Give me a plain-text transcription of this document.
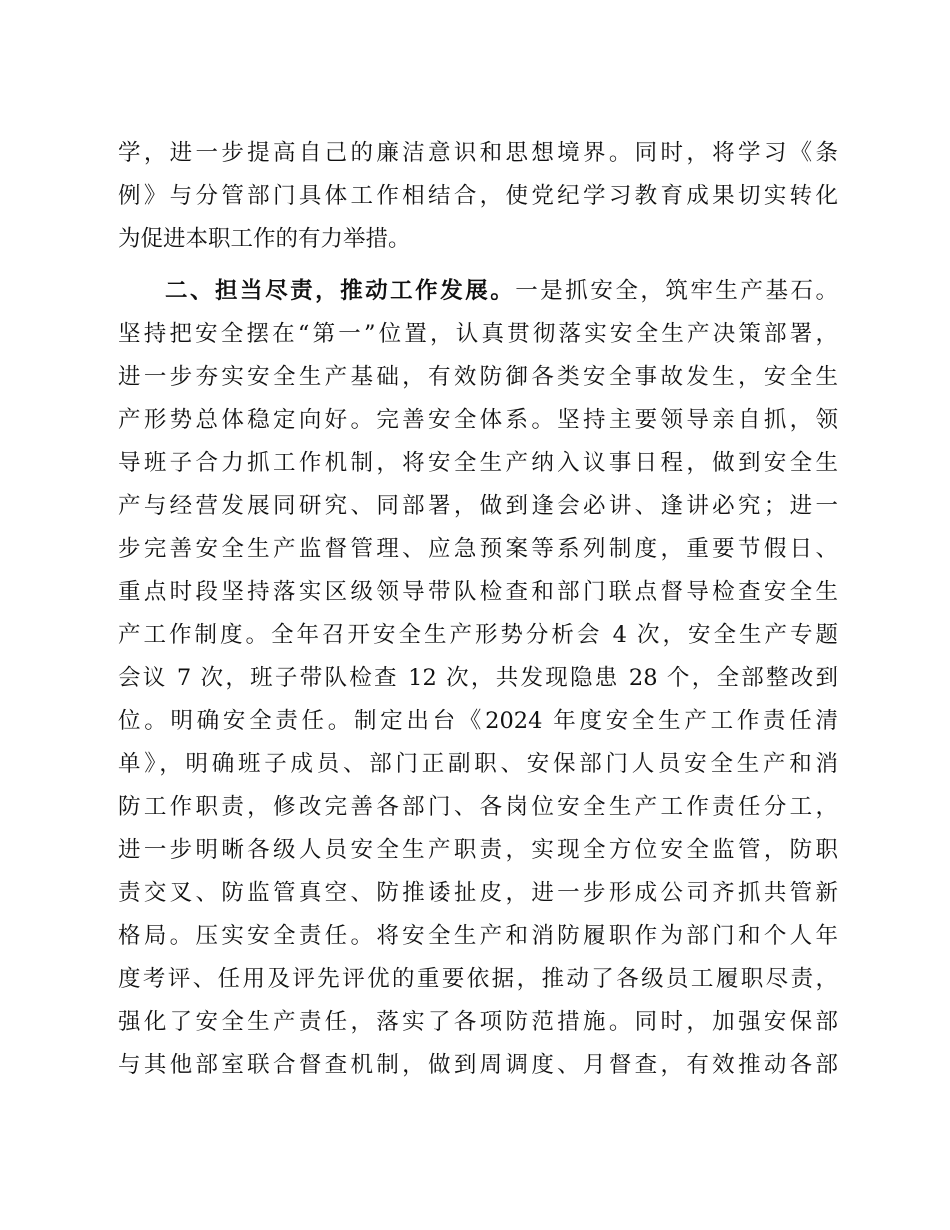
学，进一步提高自己的廉洁意识和思想境界。同时，将学习《条
例》与分管部门具体工作相结合，使党纪学习教育成果切实转化
为促进本职工作的有力举措。
二、担当尽责，推动工作发展。一是抓安全，筑牢生产基石。
坚持把安全摆在“第一”位置，认真贯彻落实安全生产决策部署，
进一步夯实安全生产基础，有效防御各类安全事故发生，安全生
产形势总体稳定向好。完善安全体系。坚持主要领导亲自抓，领
导班子合力抓工作机制，将安全生产纳入议事日程，做到安全生
产与经营发展同研究、同部署，做到逢会必讲、逢讲必究；进一
步完善安全生产监督管理、应急预案等系列制度，重要节假日、
重点时段坚持落实区级领导带队检查和部门联点督导检查安全生
产工作制度。全年召开安全生产形势分析会 4 次，安全生产专题
会议 7 次，班子带队检查 12 次，共发现隐患 28 个，全部整改到
位。明确安全责任。制定出台《2024 年度安全生产工作责任清
单》，明确班子成员、部门正副职、安保部门人员安全生产和消
防工作职责，修改完善各部门、各岗位安全生产工作责任分工，
进一步明晰各级人员安全生产职责，实现全方位安全监管，防职
责交叉、防监管真空、防推诿扯皮，进一步形成公司齐抓共管新
格局。压实安全责任。将安全生产和消防履职作为部门和个人年
度考评、任用及评先评优的重要依据，推动了各级员工履职尽责，
强化了安全生产责任，落实了各项防范措施。同时，加强安保部
与其他部室联合督查机制，做到周调度、月督查，有效推动各部
